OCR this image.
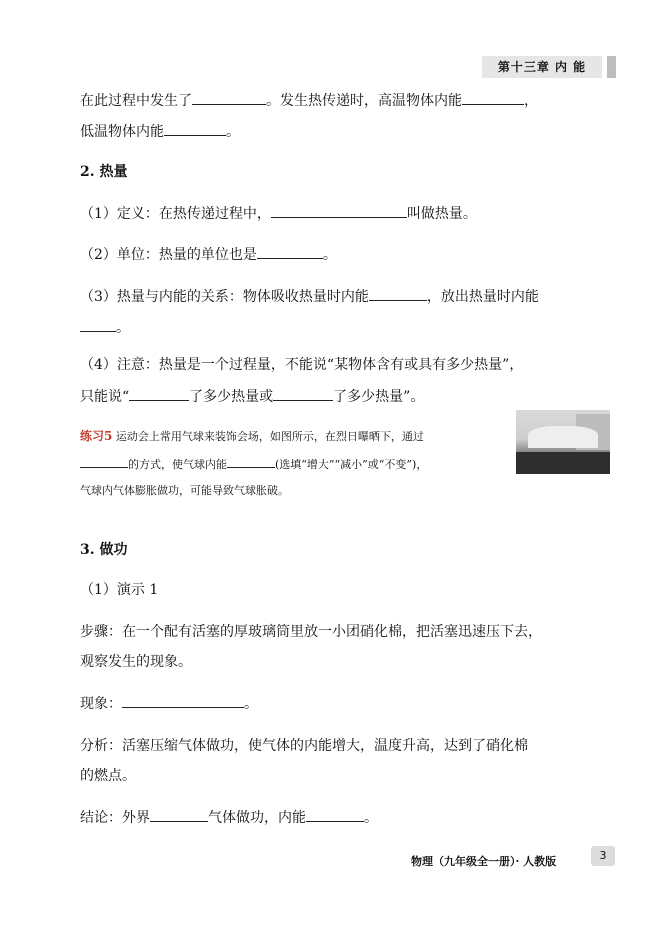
第十三章 内 能
在此过程中发生了	。发生热传递时，高温物体内能	，
低温物体内能	。
2. 热量
（1）定义：在热传递过程中，	叫做热量。
（2）单位：热量的单位也是	。
（3）热量与内能的关系：物体吸收热量时内能	，放出热量时内能
。
（4）注意：热量是一个过程量，不能说“某物体含有或具有多少热量”，
只能说“	了多少热量或	了多少热量”。
练习5 运动会上常用气球来装饰会场，如图所示，在烈日曝晒下，通过
的方式，使气球内能	(选填“增大”“减小”或“不变”)，
气球内气体膨胀做功，可能导致气球胀破。
3. 做功
（1）演示 1
步骤：在一个配有活塞的厚玻璃筒里放一小团硝化棉，把活塞迅速压下去，
观察发生的现象。
现象：	。
分析：活塞压缩气体做功，使气体的内能增大，温度升高，达到了硝化棉
的燃点。
结论：外界	气体做功，内能	。
物理（九年级全一册）· 人教版	3
